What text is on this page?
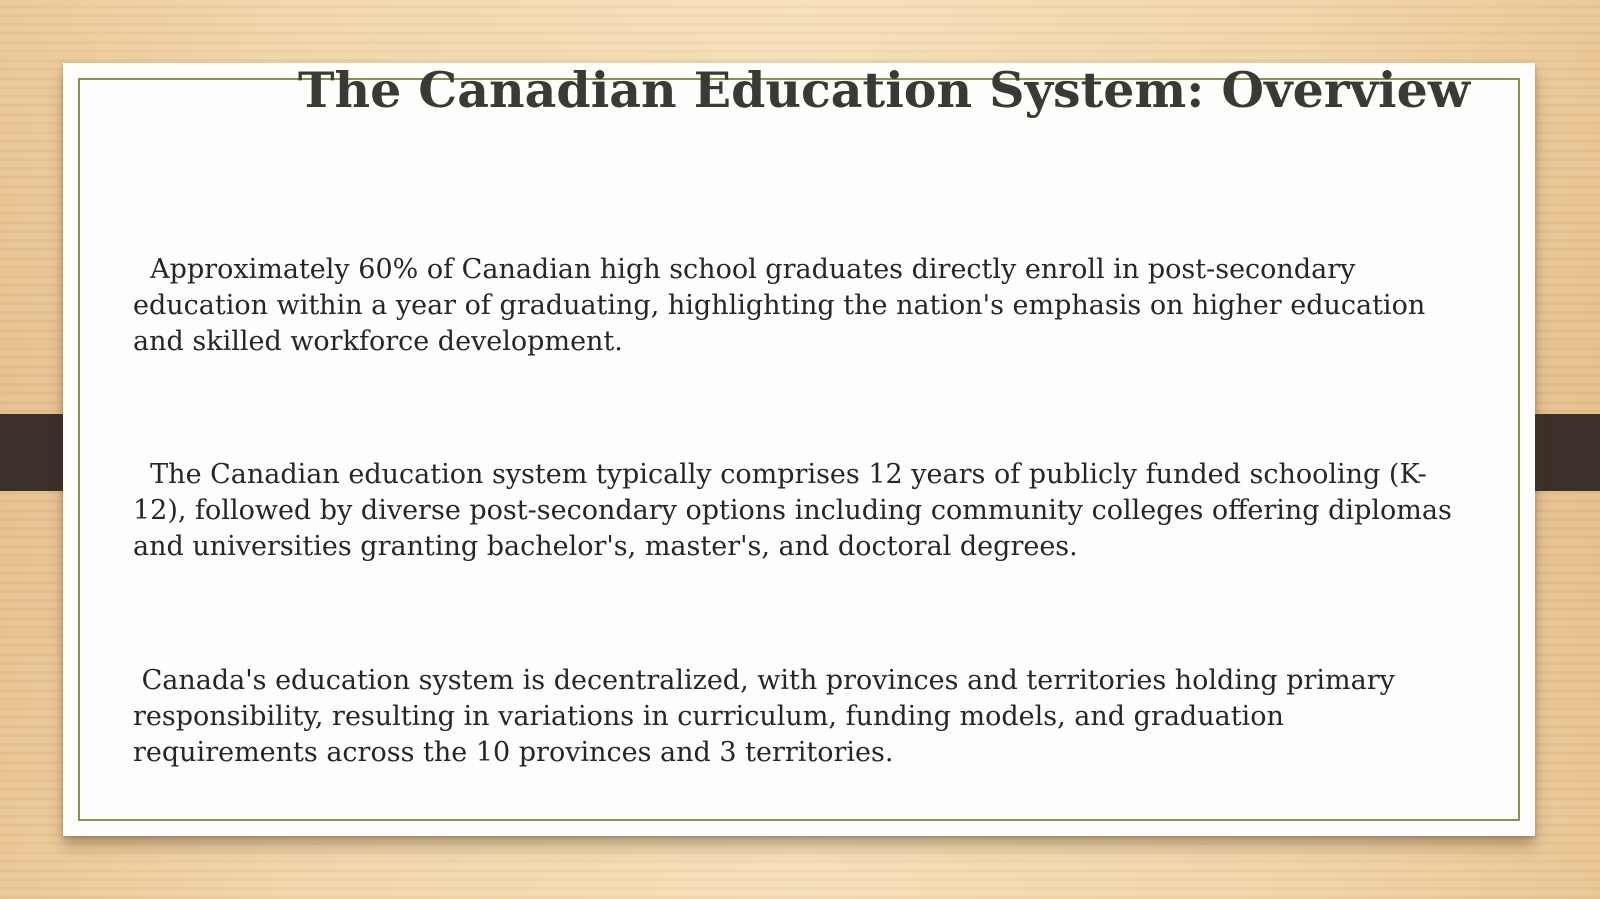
The Canadian Education System: Overview

Approximately 60% of Canadian high school graduates directly enroll in post-secondary education within a year of graduating, highlighting the nation's emphasis on higher education and skilled workforce development.

The Canadian education system typically comprises 12 years of publicly funded schooling (K-12), followed by diverse post-secondary options including community colleges offering diplomas and universities granting bachelor's, master's, and doctoral degrees.

Canada's education system is decentralized, with provinces and territories holding primary responsibility, resulting in variations in curriculum, funding models, and graduation requirements across the 10 provinces and 3 territories.
